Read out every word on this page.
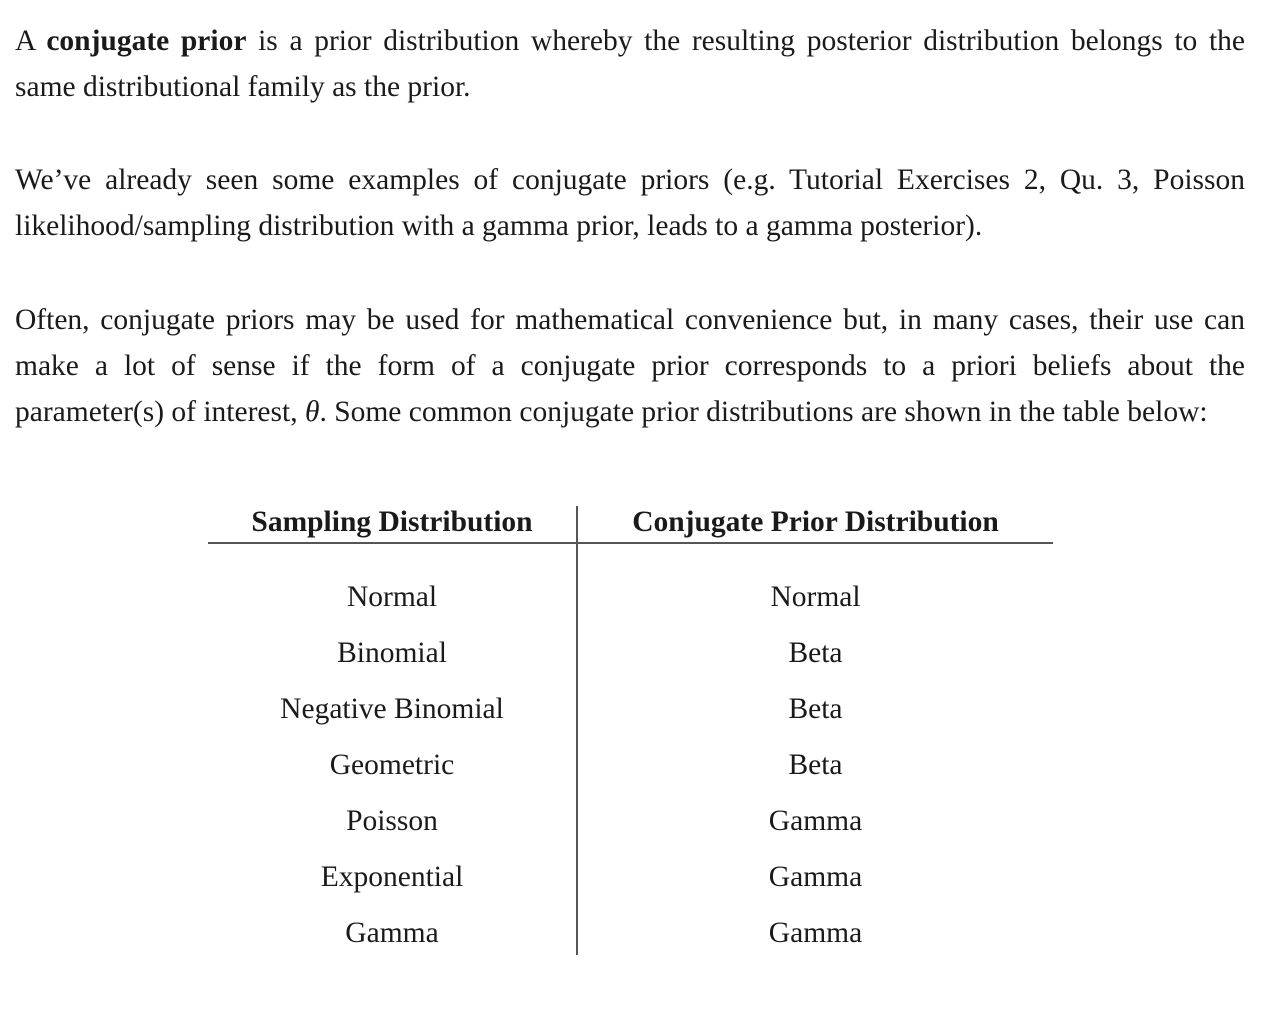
A conjugate prior is a prior distribution whereby the resulting posterior distribution belongs to the same distributional family as the prior.

We’ve already seen some examples of conjugate priors (e.g. Tutorial Exercises 2, Qu. 3, Poisson likelihood/sampling distribution with a gamma prior, leads to a gamma posterior).

Often, conjugate priors may be used for mathematical convenience but, in many cases, their use can make a lot of sense if the form of a conjugate prior corresponds to a priori beliefs about the parameter(s) of interest, θ. Some common conjugate prior distributions are shown in the table below:

Sampling Distribution	Conjugate Prior Distribution
Normal	Normal
Binomial	Beta
Negative Binomial	Beta
Geometric	Beta
Poisson	Gamma
Exponential	Gamma
Gamma	Gamma
